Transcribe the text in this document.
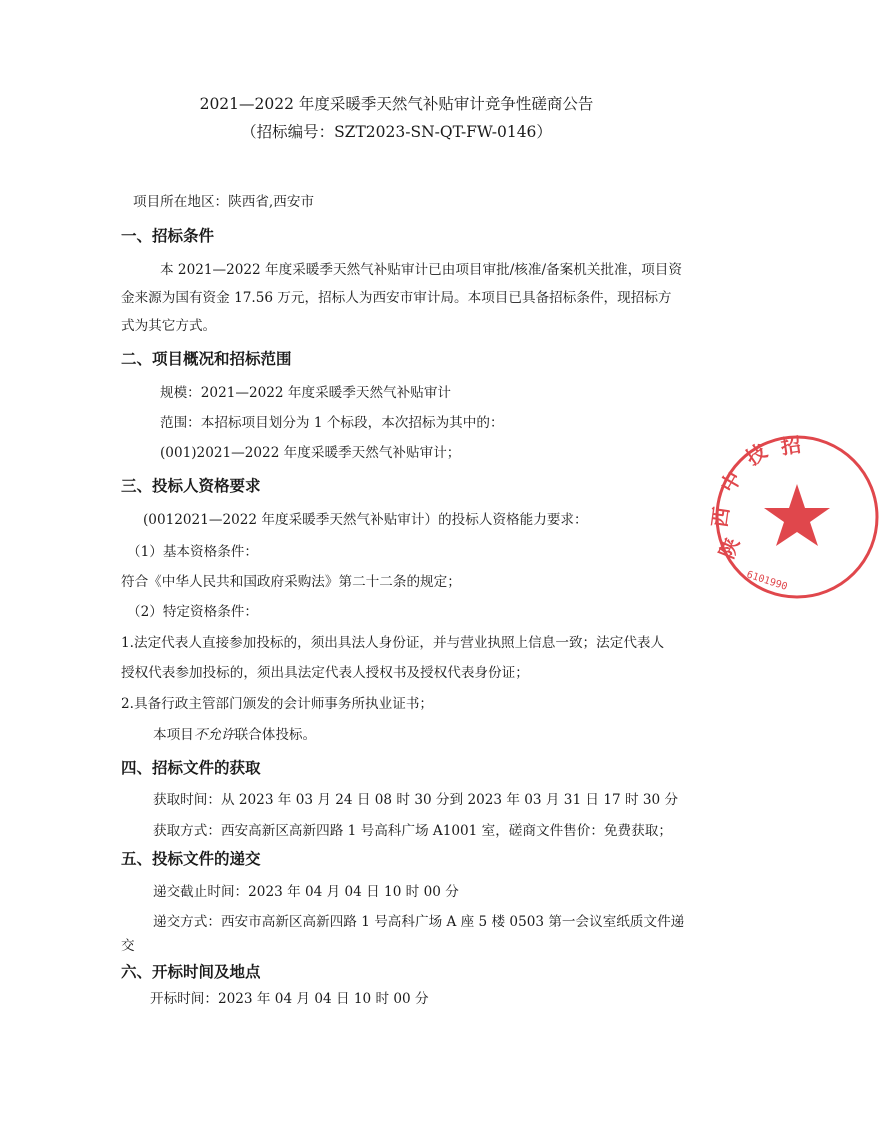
2021—2022 年度采暖季天然气补贴审计竞争性磋商公告
（招标编号：SZT2023-SN-QT-FW-0146）
项目所在地区：陕西省,西安市
一、招标条件
本 2021—2022 年度采暖季天然气补贴审计已由项目审批/核准/备案机关批准，项目资
金来源为国有资金 17.56 万元，招标人为西安市审计局。本项目已具备招标条件，现招标方
式为其它方式。
二、项目概况和招标范围
规模：2021—2022 年度采暖季天然气补贴审计
范围：本招标项目划分为 1 个标段，本次招标为其中的：
(001)2021—2022 年度采暖季天然气补贴审计；
三、投标人资格要求
(0012021—2022 年度采暖季天然气补贴审计）的投标人资格能力要求：
（1）基本资格条件：
符合《中华人民共和国政府采购法》第二十二条的规定；
（2）特定资格条件：
1.法定代表人直接参加投标的，须出具法人身份证，并与营业执照上信息一致；法定代表人
授权代表参加投标的，须出具法定代表人授权书及授权代表身份证；
2.具备行政主管部门颁发的会计师事务所执业证书；
本项目不允许联合体投标。
四、招标文件的获取
获取时间：从 2023 年 03 月 24 日 08 时 30 分到 2023 年 03 月 31 日 17 时 30 分
获取方式：西安高新区高新四路 1 号高科广场 A1001 室，磋商文件售价：免费获取；
五、投标文件的递交
递交截止时间：2023 年 04 月 04 日 10 时 00 分
递交方式：西安市高新区高新四路 1 号高科广场 A 座 5 楼 0503 第一会议室纸质文件递
交
六、开标时间及地点
开标时间：2023 年 04 月 04 日 10 时 00 分
陕
西
中
技 招
6101990
